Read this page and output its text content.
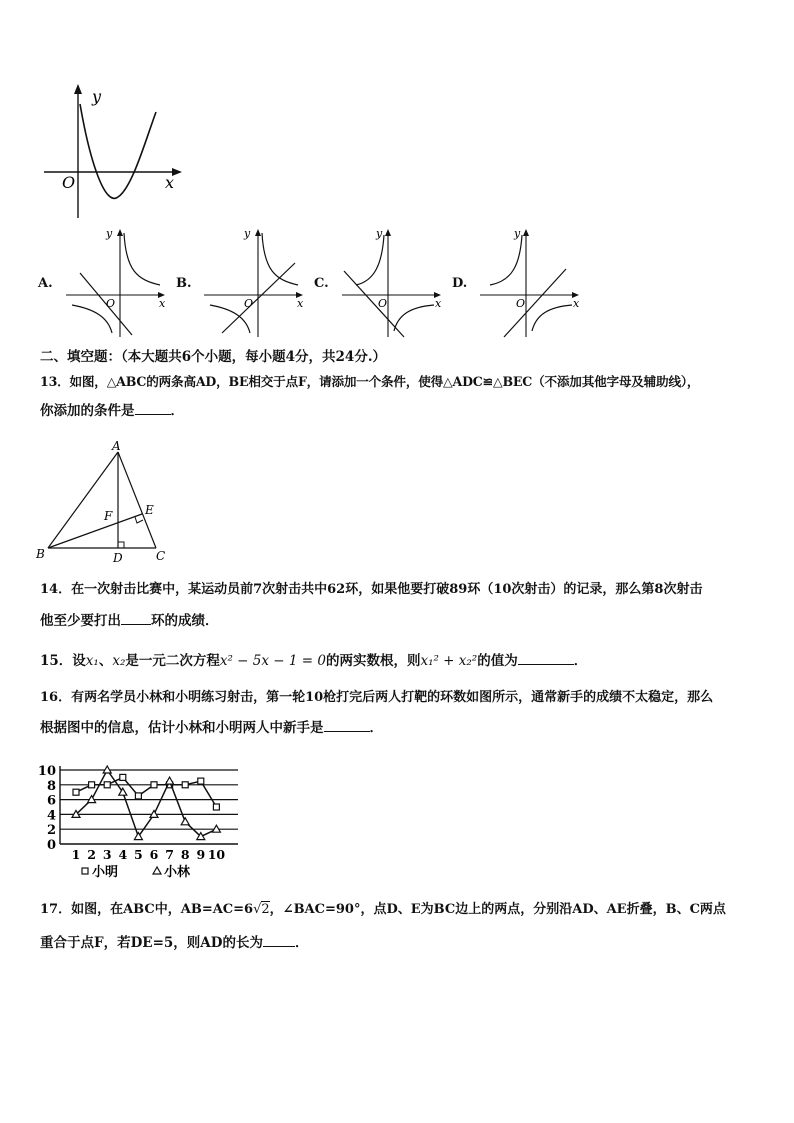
y
x
O
A.
y
x
O
B.
y
x
O
C.
y
x
O
D.
y
x
O
二、填空题：（本大题共6个小题，每小题4分，共24分.）
13．如图，△ABC的两条高AD，BE相交于点F，请添加一个条件，使得△ADC≌△BEC（不添加其他字母及辅助线），
你添加的条件是	．
A
B	C
D
E
F
14．在一次射击比赛中，某运动员前7次射击共中62环，如果他要打破89环（10次射击）的记录，那么第8次射击
他至少要打出 环的成绩．
15．设x₁、x₂是一元二次方程x² − 5x − 1 = 0的两实数根，则x₁² + x₂²的值为	．
16．有两名学员小林和小明练习射击，第一轮10枪打完后两人打靶的环数如图所示，通常新手的成绩不太稳定，那么
根据图中的信息，估计小林和小明两人中新手是	．
0
2
4
6
8
10
1 2 3 4 5 6 7 8 9 10
小明	小林
17．如图，在ABC中，AB=AC=6√2，∠BAC=90°，点D、E为BC边上的两点，分别沿AD、AE折叠，B、C两点
重合于点F，若DE=5，则AD的长为 ．
